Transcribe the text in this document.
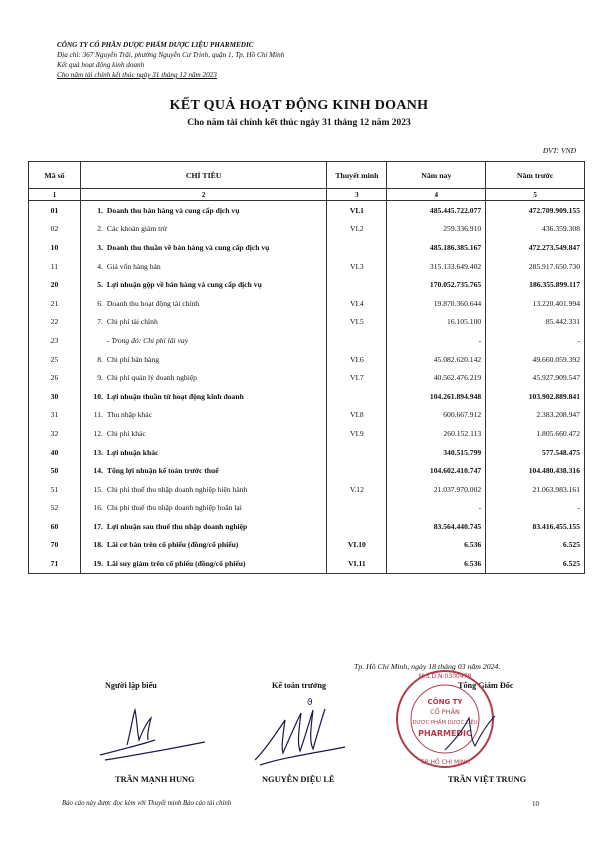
CÔNG TY CỔ PHẦN DƯỢC PHẨM DƯỢC LIỆU PHARMEDIC
Địa chỉ: 367 Nguyễn Trãi, phường Nguyễn Cư Trinh, quận 1, Tp. Hồ Chí Minh
Kết quả hoạt động kinh doanh
Cho năm tài chính kết thúc ngày 31 tháng 12 năm 2023
KẾT QUẢ HOẠT ĐỘNG KINH DOANH
Cho năm tài chính kết thúc ngày 31 tháng 12 năm 2023
ĐVT: VNĐ
Mã số	CHỈ TIÊU	Thuyết minh	Năm nay	Năm trước
1	2	3	4	5
01	1. Doanh thu bán hàng và cung cấp dịch vụ	VI.1	485.445.722.077	472.709.909.155
02	2. Các khoản giảm trừ	VI.2	259.336.910	436.359.308
10	3. Doanh thu thuần về bán hàng và cung cấp dịch vụ		485.186.385.167	472.273.549.847
11	4. Giá vốn hàng bán	VI.3	315.133.649.402	285.917.650.730
20	5. Lợi nhuận gộp về bán hàng và cung cấp dịch vụ		170.052.735.765	186.355.899.117
21	6. Doanh thu hoạt động tài chính	VI.4	19.870.360.644	13.220.401.994
22	7. Chi phí tài chính	VI.5	16.105.100	85.442.331
23	- Trong đó: Chi phí lãi vay		-	-
25	8. Chi phí bán hàng	VI.6	45.082.620.142	49.660.059.392
26	9. Chi phí quản lý doanh nghiệp	VI.7	40.562.476.219	45.927.909.547
30	10. Lợi nhuận thuần từ hoạt động kinh doanh		104.261.894.948	103.902.889.841
31	11. Thu nhập khác	VI.8	600.667.912	2.383.208.947
32	12. Chi phí khác	VI.9	260.152.113	1.805.660.472
40	13. Lợi nhuận khác		340.515.799	577.548.475
50	14. Tổng lợi nhuận kế toán trước thuế		104.602.410.747	104.480.438.316
51	15. Chi phí thuế thu nhập doanh nghiệp hiện hành	V.12	21.037.970.002	21.063.983.161
52	16. Chi phí thuế thu nhập doanh nghiệp hoãn lại		-	-
60	17. Lợi nhuận sau thuế thu nhập doanh nghiệp		83.564.440.745	83.416.455.155
70	18. Lãi cơ bản trên cổ phiếu (đồng/cổ phiếu)	VI.10	6.536	6.525
71	19. Lãi suy giảm trên cổ phiếu (đồng/cổ phiếu)	VI.11	6.536	6.525
Tp. Hồ Chí Minh, ngày 18 tháng 03 năm 2024.
Người lập biểu	Kế toán trưởng	Tổng Giám Đốc
ϑ	CÔNG TY
CỔ PHẦN
DƯỢC PHẨM DƯỢC LIỆU
PHARMEDIC
M.S.D.N:0300478
T.P HỒ CHÍ MINH
TRẦN MẠNH HUNG	NGUYỄN DIỆU LÊ	TRẦN VIỆT TRUNG
Báo cáo này được đọc kèm với Thuyết minh Báo cáo tài chính	10
